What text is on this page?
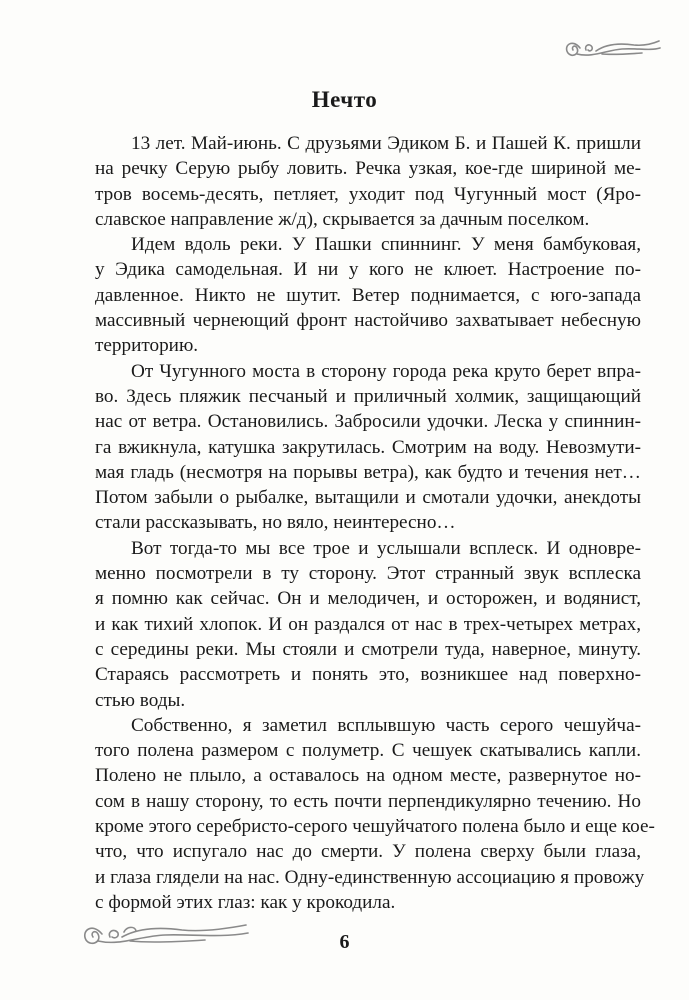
Нечто
13 лет. Май-июнь. С друзьями Эдиком Б. и Пашей К. пришли
на речку Серую рыбу ловить. Речка узкая, кое-где шириной ме-
тров восемь-десять, петляет, уходит под Чугунный мост (Яро-
славское направление ж/д), скрывается за дачным поселком.
Идем вдоль реки. У Пашки спиннинг. У меня бамбуковая,
у Эдика самодельная. И ни у кого не клюет. Настроение по-
давленное. Никто не шутит. Ветер поднимается, с юго-запада
массивный чернеющий фронт настойчиво захватывает небесную
территорию.
От Чугунного моста в сторону города река круто берет впра-
во. Здесь пляжик песчаный и приличный холмик, защищающий
нас от ветра. Остановились. Забросили удочки. Леска у спиннин-
га вжикнула, катушка закрутилась. Смотрим на воду. Невозмути-
мая гладь (несмотря на порывы ветра), как будто и течения нет…
Потом забыли о рыбалке, вытащили и смотали удочки, анекдоты
стали рассказывать, но вяло, неинтересно…
Вот тогда-то мы все трое и услышали всплеск. И одновре-
менно посмотрели в ту сторону. Этот странный звук всплеска
я помню как сейчас. Он и мелодичен, и осторожен, и водянист,
и как тихий хлопок. И он раздался от нас в трех-четырех метрах,
с середины реки. Мы стояли и смотрели туда, наверное, минуту.
Стараясь рассмотреть и понять это, возникшее над поверхно-
стью воды.
Собственно, я заметил всплывшую часть серого чешуйча-
того полена размером с полуметр. С чешуек скатывались капли.
Полено не плыло, а оставалось на одном месте, развернутое но-
сом в нашу сторону, то есть почти перпендикулярно течению. Но
кроме этого серебристо-серого чешуйчатого полена было и еще кое-
что, что испугало нас до смерти. У полена сверху были глаза,
и глаза глядели на нас. Одну-единственную ассоциацию я провожу
с формой этих глаз: как у крокодила.
6
